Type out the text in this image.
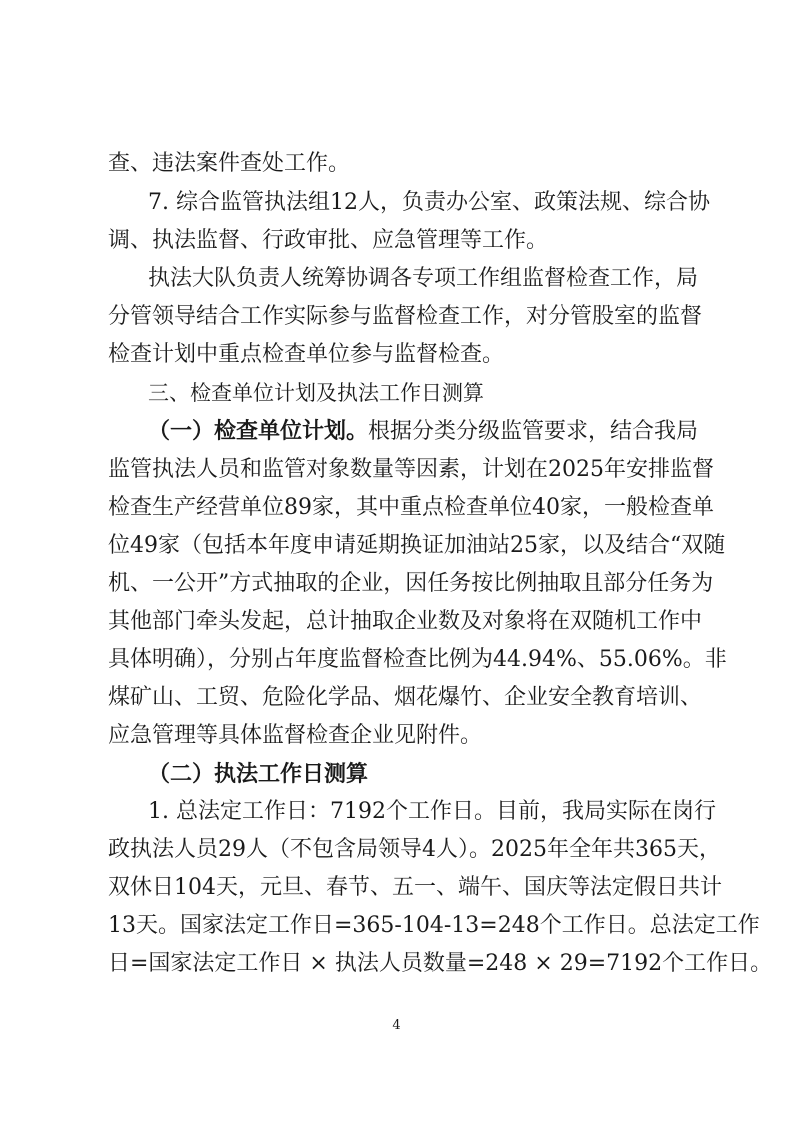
查、违法案件查处工作。
7. 综合监管执法组12人，负责办公室、政策法规、综合协
调、执法监督、行政审批、应急管理等工作。
执法大队负责人统筹协调各专项工作组监督检查工作，局
分管领导结合工作实际参与监督检查工作，对分管股室的监督
检查计划中重点检查单位参与监督检查。
三、检查单位计划及执法工作日测算
（一）检查单位计划。根据分类分级监管要求，结合我局
监管执法人员和监管对象数量等因素，计划在2025年安排监督
检查生产经营单位89家，其中重点检查单位40家，一般检查单
位49家（包括本年度申请延期换证加油站25家，以及结合“双随
机、一公开”方式抽取的企业，因任务按比例抽取且部分任务为
其他部门牵头发起，总计抽取企业数及对象将在双随机工作中
具体明确），分别占年度监督检查比例为44.94%、55.06%。非
煤矿山、工贸、危险化学品、烟花爆竹、企业安全教育培训、
应急管理等具体监督检查企业见附件。
（二）执法工作日测算
1. 总法定工作日：7192个工作日。目前，我局实际在岗行
政执法人员29人（不包含局领导4人）。2025年全年共365天，
双休日104天，元旦、春节、五一、端午、国庆等法定假日共计
13天。国家法定工作日=365-104-13=248个工作日。总法定工作
日=国家法定工作日 × 执法人员数量=248 × 29=7192个工作日。
4
